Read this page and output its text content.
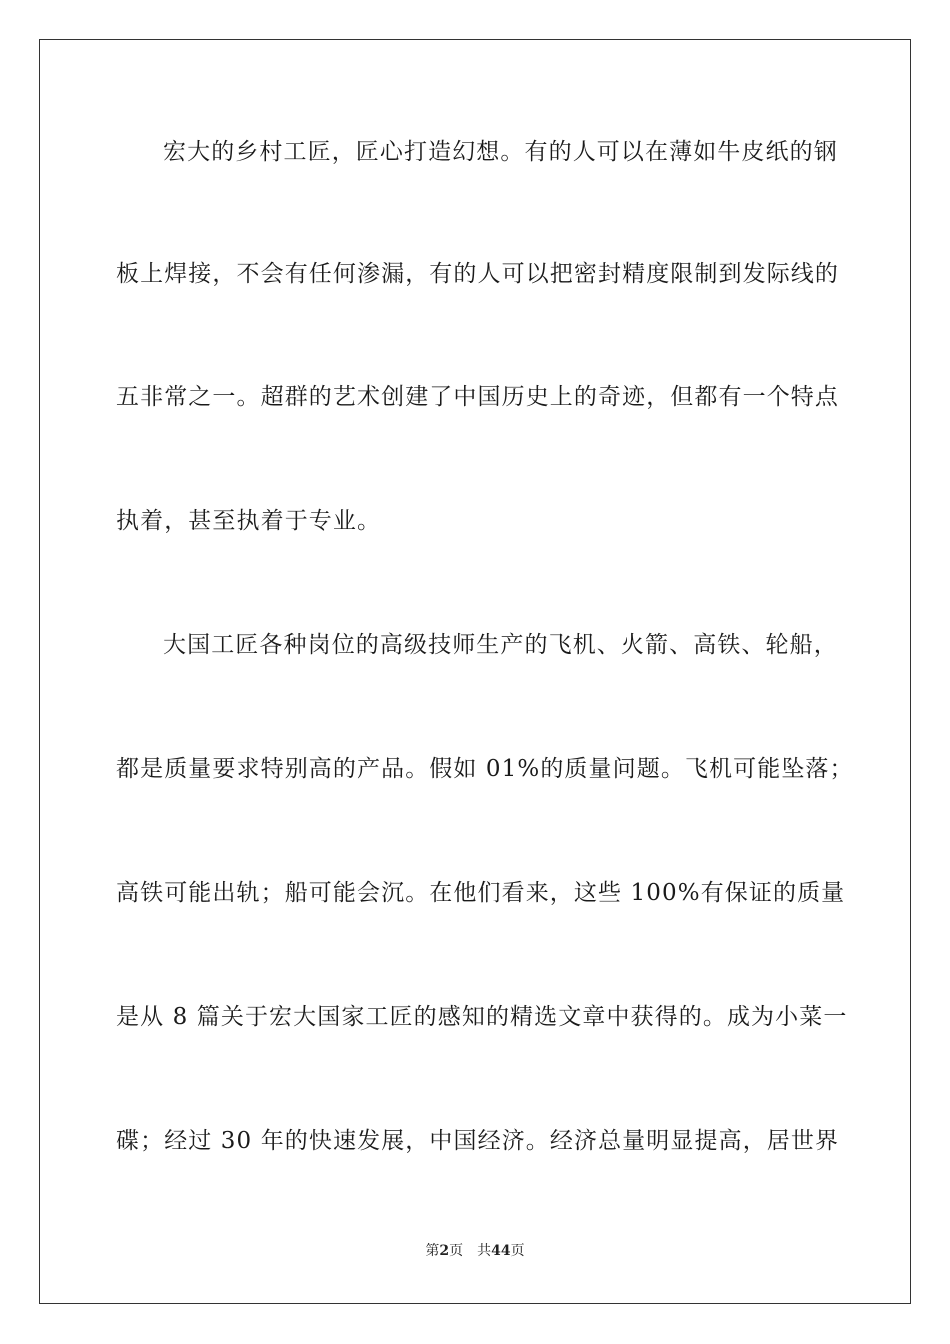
宏大的乡村工匠，匠心打造幻想。有的人可以在薄如牛皮纸的钢
板上焊接，不会有任何渗漏，有的人可以把密封精度限制到发际线的
五非常之一。超群的艺术创建了中国历史上的奇迹，但都有一个特点
执着，甚至执着于专业。
大国工匠各种岗位的高级技师生产的飞机、火箭、高铁、轮船，
都是质量要求特别高的产品。假如 01%的质量问题。飞机可能坠落；
高铁可能出轨；船可能会沉。在他们看来，这些 100%有保证的质量
是从 8 篇关于宏大国家工匠的感知的精选文章中获得的。成为小菜一
碟；经过 30 年的快速发展，中国经济。经济总量明显提高，居世界
第2页 共44页
